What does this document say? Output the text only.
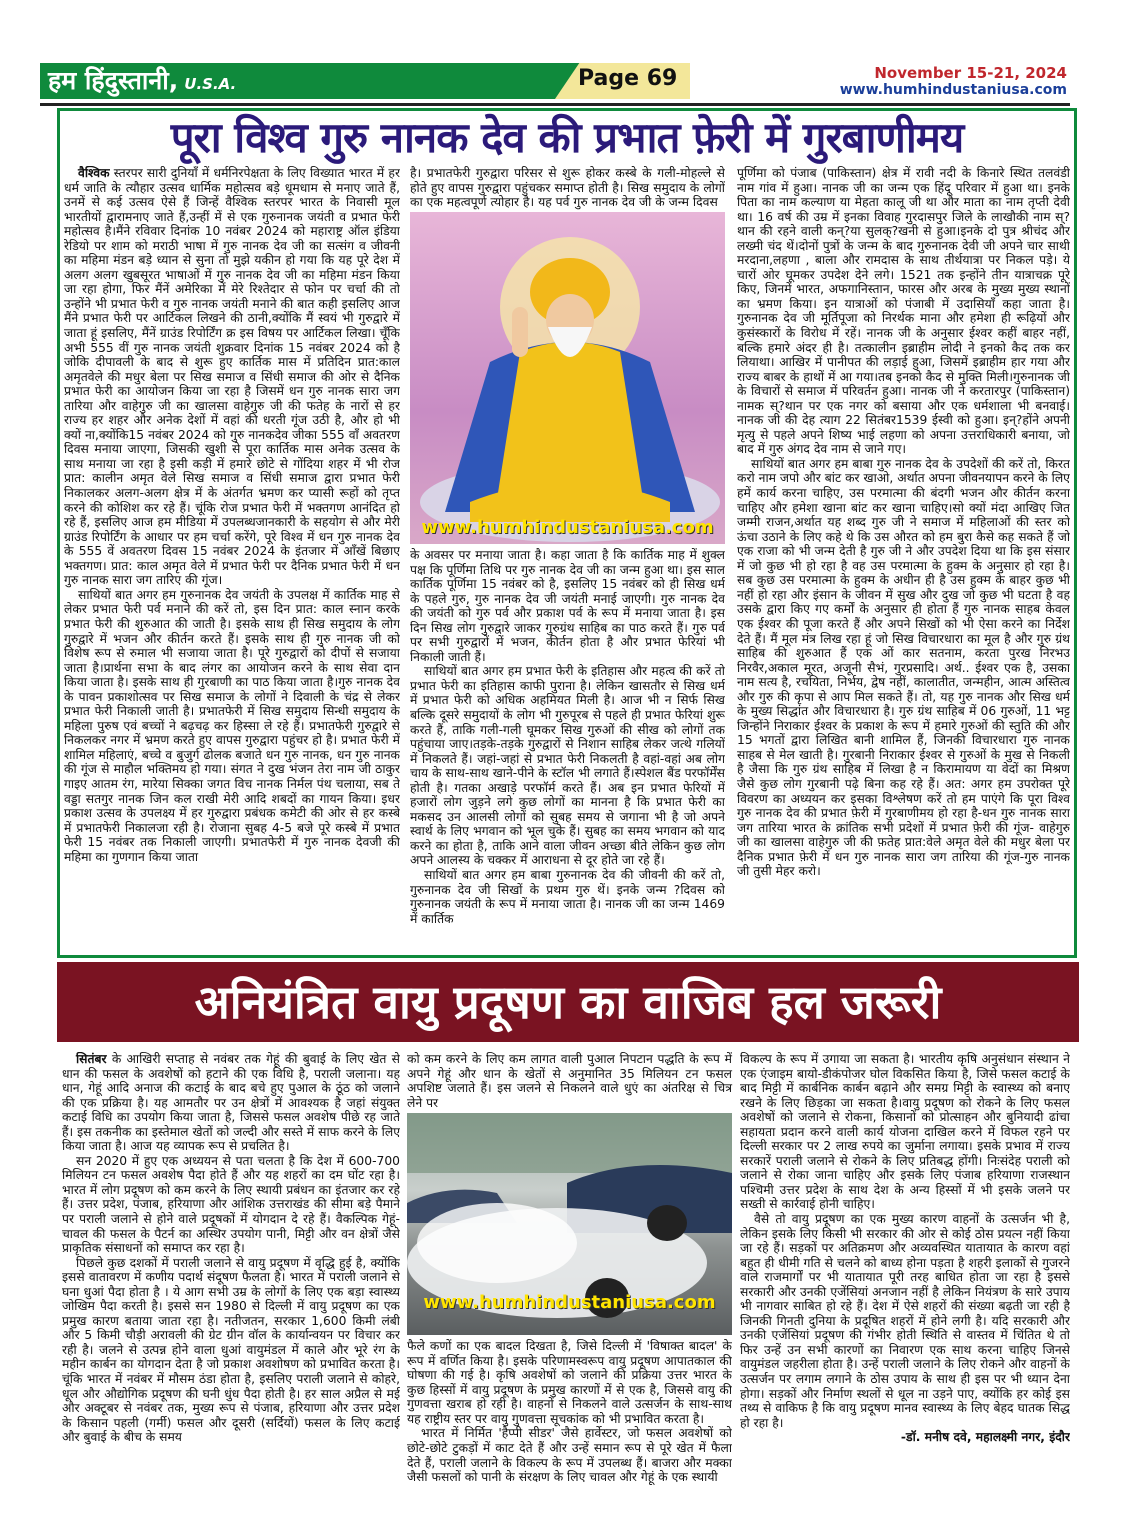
हम हिंदुस्तानी, U.S.A.	Page 69	November 15-21, 2024
www.humhindustaniusa.com
पूरा विश्व गुरु नानक देव की प्रभात फ़ेरी में गुरबाणीमय

वैश्विक स्तरपर सारी दुनियाँ में धर्मनिरपेक्षता के लिए विख्यात भारत में हर धर्म जाति के त्यौहार उत्सव धार्मिक महोत्सव बड़े धूमधाम से मनाए जाते हैं, उनमें से कई उत्सव ऐसे हैं जिन्हें वैश्विक स्तरपर भारत के निवासी मूल भारतीयों द्वारामनाए जाते हैं,उन्हीं में से एक गुरुनानक जयंती व प्रभात फेरी महोत्सव है।मैंने रविवार दिनांक 10 नवंबर 2024 को महाराष्ट्र ऑल इंडिया रेडियो पर शाम को मराठी भाषा में गुरु नानक देव जी का सत्संग व जीवनी का महिमा मंडन बड़े ध्यान से सुना तो मुझे यकीन हो गया कि यह पूरे देश में अलग अलग खुबसूरत भाषाओं में गुरु नानक देव जी का महिमा मंडन किया जा रहा होगा, फिर मैंनें अमेरिका में मेरे रिश्तेदार से फोन पर चर्चा की तो उन्होंने भी प्रभात फेरी व गुरु नानक जयंती मनाने की बात कही इसलिए आज मैंने प्रभात फेरी पर आर्टिकल लिखने की ठानी,क्योंकि मैं स्वयं भी गुरुद्वारे में जाता हूं इसलिए, मैंनें ग्राउंड रिपोर्टिंग क्र इस विषय पर आर्टिकल लिखा। चूँकि अभी 555 वीं गुरु नानक जयंती शुक्रवार दिनांक 15 नवंबर 2024 को है जोकि दीपावली के बाद से शुरू हुए कार्तिक मास में प्रतिदिन प्रात:काल अमृतवेले की मधुर बेला पर सिख समाज व सिंधी समाज की ओर से दैनिक प्रभात फेरी का आयोजन किया जा रहा है जिसमें धन गुरु नानक सारा जग तारिया और वाहेगुरु जी का खालसा वाहेगुरु जी की फतेह के नारों से हर राज्य हर शहर और अनेक देशों में वहां की धरती गूंज उठी है, और हो भी क्यों ना,क्योंकि15 नवंबर 2024 को गुरु नानकदेव जीका 555 वाँ अवतरण दिवस मनाया जाएगा, जिसकी खुशी से पूरा कार्तिक मास अनेक उत्सव के साथ मनाया जा रहा है इसी कड़ी में हमारे छोटे से गोंदिया शहर में भी रोज प्रात: कालीन अमृत वेले सिख समाज व सिंधी समाज द्वारा प्रभात फेरी निकालकर अलग-अलग क्षेत्र में के अंतर्गत भ्रमण कर प्यासी रूहों को तृप्त करने की कोशिश कर रहे हैं। चूंकि रोज प्रभात फेरी में भक्तगण आनंदित हो रहे हैं, इसलिए आज हम मीडिया में उपलब्धजानकारी के सहयोग से और मेरी ग्राउंड रिपोर्टिंग के आधार पर हम चर्चा करेंगे, पूरे विश्व में धन गुरु नानक देव के 555 वें अवतरण दिवस 15 नवंबर 2024 के इंतजार में आँखें बिछाए भक्तगण। प्रात: काल अमृत वेले में प्रभात फेरी पर दैनिक प्रभात फेरी में धन गुरु नानक सारा जग तारिए की गूंज।

साथियों बात अगर हम गुरुनानक देव जयंती के उपलक्ष में कार्तिक माह से लेकर प्रभात फेरी पर्व मनाने की करें तो, इस दिन प्रात: काल स्नान करके प्रभात फेरी की शुरुआत की जाती है। इसके साथ ही सिख समुदाय के लोग गुरुद्वारे में भजन और कीर्तन करते हैं। इसके साथ ही गुरु नानक जी को विशेष रूप से रुमाल भी सजाया जाता है। पूरे गुरुद्वारों को दीपों से सजाया जाता है।प्रार्थना सभा के बाद लंगर का आयोजन करने के साथ सेवा दान किया जाता है। इसके साथ ही गुरबाणी का पाठ किया जाता है।गुरु नानक देव के पावन प्रकाशोत्सव पर सिख समाज के लोगों ने दिवाली के चंद्र से लेकर प्रभात फेरी निकाली जाती है। प्रभातफेरी में सिख समुदाय सिन्धी समुदाय के महिला पुरुष एवं बच्चों ने बढ़चढ़ कर हिस्सा ले रहे हैं। प्रभातफेरी गुरुद्वारे से निकलकर नगर में भ्रमण करते हुए वापस गुरुद्वारा पहुंचर हो है। प्रभात फेरी में शामिल महिलाएं, बच्चे व बुजुर्ग ढोलक बजाते धन गुरु नानक, धन गुरु नानक की गूंज से माहौल भक्तिमय हो गया। संगत ने दुख भंजन तेरा नाम जी ठाकुर गाइए आतम रंग, मारेया सिक्का जगत विच नानक निर्मल पंथ चलाया, सब ते वड्डा सतगुर नानक जिन कल राखी मेरी आदि शबदों का गायन किया। इधर प्रकाश उत्सव के उपलक्ष्य में हर गुरुद्वारा प्रबंधक कमेटी की ओर से हर कस्बे में प्रभातफेरी निकालजा रही है। रोजाना सुबह 4-5 बजे पूरे कस्बे में प्रभात फेरी 15 नवंबर तक निकाली जाएगी। प्रभातफेरी में गुरु नानक देवजी की महिमा का गुणगान किया जाता

है। प्रभातफेरी गुरुद्वारा परिसर से शुरू होकर कस्बे के गली-मोहल्ले से होते हुए वापस गुरुद्वारा पहुंचकर समाप्त होती है। सिख समुदाय के लोगों का एक महत्वपूर्ण त्योहार है। यह पर्व गुरु नानक देव जी के जन्म दिवस

www.humhindustaniusa.com

के अवसर पर मनाया जाता है। कहा जाता है कि कार्तिक माह में शुक्ल पक्ष कि पूर्णिमा तिथि पर गुरु नानक देव जी का जन्म हुआ था। इस साल कार्तिक पूर्णिमा 15 नवंबर को है, इसलिए 15 नवंबर को ही सिख धर्म के पहले गुरु, गुरु नानक देव जी जयंती मनाई जाएगी। गुरु नानक देव की जयंती को गुरु पर्व और प्रकाश पर्व के रूप में मनाया जाता है। इस दिन सिख लोग गुरुद्वारे जाकर गुरुग्रंथ साहिब का पाठ करते हैं। गुरु पर्व पर सभी गुरुद्वारों में भजन, कीर्तन होता है और प्रभात फेरियां भी निकाली जाती हैं।

साथियों बात अगर हम प्रभात फेरी के इतिहास और महत्व की करें तो प्रभात फेरी का इतिहास काफी पुराना है। लेकिन खासतौर से सिख धर्म में प्रभात फेरी को अधिक अहमियत मिली है। आज भी न सिर्फ सिख बल्कि दूसरे समुदायों के लोग भी गुरुपूरब से पहले ही प्रभात फेरियां शुरू करते हैं, ताकि गली-गली घूमकर सिख गुरुओं की सीख को लोगों तक पहुंचाया जाए।तड़के-तड़के गुरुद्वारों से निशान साहिब लेकर जत्थे गलियों में निकलते हैं। जहां-जहां से प्रभात फेरी निकलती है वहां-वहां अब लोग चाय के साथ-साथ खाने-पीने के स्टॉल भी लगाते हैं।स्पेशल बैंड परफॉर्मेंस होती है। गतका अखाड़े परफॉर्म करते हैं। अब इन प्रभात फेरियों में हजारों लोग जुड़ने लगे कुछ लोगों का मानना है कि प्रभात फेरी का मकसद उन आलसी लोगों को सुबह समय से जगाना भी है जो अपने स्वार्थ के लिए भगवान को भूल चुके हैं। सुबह का समय भगवान को याद करने का होता है, ताकि आने वाला जीवन अच्छा बीते लेकिन कुछ लोग अपने आलस्य के चक्कर में आराधना से दूर होते जा रहे हैं।

साथियों बात अगर हम बाबा गुरुनानक देव की जीवनी की करें तो, गुरुनानक देव जी सिखों के प्रथम गुरु थें। इनके जन्म ?दिवस को गुरुनानक जयंती के रूप में मनाया जाता है। नानक जी का जन्म 1469 में कार्तिक

पूर्णिमा को पंजाब (पाकिस्तान) क्षेत्र में रावी नदी के किनारे स्थित तलवंडी नाम गांव में हुआ। नानक जी का जन्म एक हिंदू परिवार में हुआ था। इनके पिता का नाम कल्याण या मेहता कालू जी था और माता का नाम तृप्ती देवी था। 16 वर्ष की उम्र में इनका विवाह गुरदासपुर जिले के लाखौकी नाम स्?थान की रहने वाली कन्?या सुलक्?खनी से हुआ।इनके दो पुत्र श्रीचंद और लख्मी चंद थें।दोनों पुत्रों के जन्म के बाद गुरुनानक देवी जी अपने चार साथी मरदाना,लहणा , बाला और रामदास के साथ तीर्थयात्रा पर निकल पड़े। ये चारों ओर घूमकर उपदेश देने लगे। 1521 तक इन्होंने तीन यात्राचक्र पूरे किए, जिनमें भारत, अफगानिस्तान, फारस और अरब के मुख्य मुख्य स्थानों का भ्रमण किया। इन यात्राओं को पंजाबी में उदासियाँ कहा जाता है। गुरुनानक देव जी मूर्तिपूजा को निरर्थक माना और हमेशा ही रूढ़ियों और कुसंस्कारों के विरोध में रहें। नानक जी के अनुसार ईश्वर कहीं बाहर नहीं, बल्कि हमारे अंदर ही है। तत्कालीन इब्राहीम लोदी ने इनको कैद तक कर लियाथा। आखिर में पानीपत की लड़ाई हुआ, जिसमें इब्राहीम हार गया और राज्य बाबर के हाथों में आ गया।तब इनको कैद से मुक्ति मिली।गुरुनानक जी के विचारों से समाज में परिवर्तन हुआ। नानक जी ने करतारपुर (पाकिस्तान) नामक स्?थान पर एक नगर को बसाया और एक धर्मशाला भी बनवाई। नानक जी की देह त्याग 22 सितंबर1539 ईस्वी को हुआ। इन्?होंने अपनी मृत्यु से पहले अपने शिष्य भाई लहणा को अपना उत्तराधिकारी बनाया, जो बाद में गुरु अंगद देव नाम से जाने गए।

साथियों बात अगर हम बाबा गुरु नानक देव के उपदेशों की करें तो, किरत करो नाम जपो और बांट कर खाओ, अर्थात अपना जीवनयापन करने के लिए हमें कार्य करना चाहिए, उस परमात्मा की बंदगी भजन और कीर्तन करना चाहिए और हमेशा खाना बांट कर खाना चाहिए।सो क्यों मंदा आखिए जित जम्मी राजन,अर्थात यह शब्द गुरु जी ने समाज में महिलाओं की स्तर को ऊंचा उठाने के लिए कहे थे कि उस औरत को हम बुरा कैसे कह सकते हैं जो एक राजा को भी जन्म देती है गुरु जी ने और उपदेश दिया था कि इस संसार में जो कुछ भी हो रहा है वह उस परमात्मा के हुक्म के अनुसार हो रहा है। सब कुछ उस परमात्मा के हुक्म के अधीन ही है उस हुक्म के बाहर कुछ भी नहीं हो रहा और इंसान के जीवन में सुख और दुख जो कुछ भी घटता है वह उसके द्वारा किए गए कर्मों के अनुसार ही होता हैं गुरु नानक साहब केवल एक ईश्वर की पूजा करते हैं और अपने सिखों को भी ऐसा करने का निर्देश देते हैं। मैं मूल मंत्र लिख रहा हूं जो सिख विचारधारा का मूल है और गुरु ग्रंथ साहिब की शुरुआत हैं एक ओं कार सतनाम, करता पुरख निरभउ निरवैर,अकाल मूरत, अजूनी सैभं, गुरप्रसादि। अर्थ.. ईश्वर एक है, उसका नाम सत्य है, रचयिता, निर्भय, द्वेष नहीं, कालातीत, जन्महीन, आत्म अस्तित्व और गुरु की कृपा से आप मिल सकते हैं। तो, यह गुरु नानक और सिख धर्म के मुख्य सिद्धांत और विचारधारा है। गुरु ग्रंथ साहिब में 06 गुरुओं, 11 भट्ट जिन्होंने निराकार ईश्वर के प्रकाश के रूप में हमारे गुरुओं की स्तुति की और 15 भगतों द्वारा लिखित बानी शामिल हैं, जिनकी विचारधारा गुरु नानक साहब से मेल खाती है। गुरबानी निराकार ईश्वर से गुरुओं के मुख से निकली है जैसा कि गुरु ग्रंथ साहिब में लिखा है न किरामायण या वेदों का मिश्रण जैसे कुछ लोग गुरबानी पढ़े बिना कह रहे हैं। अत: अगर हम उपरोक्त पूरे विवरण का अध्ययन कर इसका विश्लेषण करें तो हम पाएंगे कि पूरा विश्व गुरु नानक देव की प्रभात फ़ेरी में गुरबाणीमय हो रहा है-धन गुरु नानक सारा जग तारिया भारत के क्रांतिक सभी प्रदेशों में प्रभात फ़ेरी की गूंज- वाहेगुरु जी का खालसा वाहेगुरु जी की फ़तेह प्रात:वेले अमृत वेले की मधुर बेला पर दैनिक प्रभात फ़ेरी में धन गुरु नानक सारा जग तारिया की गूंज-गुरु नानक जी तुसी मेहर करो।

अनियंत्रित वायु प्रदूषण का वाजिब हल जरूरी

सितंबर के आखिरी सप्ताह से नवंबर तक गेहूं की बुवाई के लिए खेत से धान की फसल के अवशेषों को हटाने की एक विधि है, पराली जलाना। यह धान, गेहूं आदि अनाज की कटाई के बाद बचे हुए पुआल के ठूंठ को जलाने की एक प्रक्रिया है। यह आमतौर पर उन क्षेत्रों में आवश्यक है जहां संयुक्त कटाई विधि का उपयोग किया जाता है, जिससे फसल अवशेष पीछे रह जाते हैं। इस तकनीक का इस्तेमाल खेतों को जल्दी और सस्ते में साफ करने के लिए किया जाता है। आज यह व्यापक रूप से प्रचलित है।

सन 2020 में हुए एक अध्ययन से पता चलता है कि देश में 600-700 मिलियन टन फसल अवशेष पैदा होते हैं और यह शहरों का दम घोंट रहा है। भारत में लोग प्रदूषण को कम करने के लिए स्थायी प्रबंधन का इंतजार कर रहे हैं। उत्तर प्रदेश, पंजाब, हरियाणा और आंशिक उत्तराखंड की सीमा बड़े पैमाने पर पराली जलाने से होने वाले प्रदूषकों में योगदान दे रहे हैं। वैकल्पिक गेहूं-चावल की फसल के पैटर्न का अस्थिर उपयोग पानी, मिट्टी और वन क्षेत्रों जैसे प्राकृतिक संसाधनों को समाप्त कर रहा है।

पिछले कुछ दशकों में पराली जलाने से वायु प्रदूषण में वृद्धि हुई है, क्योंकि इससे वातावरण में कणीय पदार्थ संदूषण फैलता है। भारत में पराली जलाने से घना धुआं पैदा होता है । ये आग सभी उम्र के लोगों के लिए एक बड़ा स्वास्थ्य जोखिम पैदा करती है। इससे सन 1980 से दिल्ली में वायु प्रदूषण का एक प्रमुख कारण बताया जाता रहा है। नतीजतन, सरकार 1,600 किमी लंबी और 5 किमी चौड़ी अरावली की ग्रेट ग्रीन वॉल के कार्यान्वयन पर विचार कर रही है। जलने से उत्पन्न होने वाला धुआं वायुमंडल में काले और भूरे रंग के महीन कार्बन का योगदान देता है जो प्रकाश अवशोषण को प्रभावित करता है। चूंकि भारत में नवंबर में मौसम ठंडा होता है, इसलिए पराली जलाने से कोहरे, धूल और औद्योगिक प्रदूषण की घनी धुंध पैदा होती है। हर साल अप्रैल से मई और अक्टूबर से नवंबर तक, मुख्य रूप से पंजाब, हरियाणा और उत्तर प्रदेश के किसान पहली (गर्मी) फसल और दूसरी (सर्दियों) फसल के लिए कटाई और बुवाई के बीच के समय

को कम करने के लिए कम लागत वाली पुआल निपटान पद्धति के रूप में अपने गेहूं और धान के खेतों से अनुमानित 35 मिलियन टन फसल अपशिष्ट जलाते हैं। इस जलने से निकलने वाले धुएं का अंतरिक्ष से चित्र लेने पर

www.humhindustaniusa.com

फैले कणों का एक बादल दिखता है, जिसे दिल्ली में 'विषाक्त बादल' के रूप में वर्णित किया है। इसके परिणामस्वरूप वायु प्रदूषण आपातकाल की घोषणा की गई है। कृषि अवशेषों को जलाने की प्रक्रिया उत्तर भारत के कुछ हिस्सों में वायु प्रदूषण के प्रमुख कारणों में से एक है, जिससे वायु की गुणवत्ता खराब हो रही है। वाहनों से निकलने वाले उत्सर्जन के साथ-साथ यह राष्ट्रीय स्तर पर वायु गुणवत्ता सूचकांक को भी प्रभावित करता है।

भारत में निर्मित 'हैप्पी सीडर' जैसे हार्वेस्टर, जो फसल अवशेषों को छोटे-छोटे टुकड़ों में काट देते हैं और उन्हें समान रूप से पूरे खेत में फैला देते हैं, पराली जलाने के विकल्प के रूप में उपलब्ध हैं। बाजरा और मक्का जैसी फसलों को पानी के संरक्षण के लिए चावल और गेहूं के एक स्थायी

विकल्प के रूप में उगाया जा सकता है। भारतीय कृषि अनुसंधान संस्थान ने एक एंजाइम बायो-डीकंपोजर घोल विकसित किया है, जिसे फसल कटाई के बाद मिट्टी में कार्बनिक कार्बन बढ़ाने और समग्र मिट्टी के स्वास्थ्य को बनाए रखने के लिए छिड़का जा सकता है।वायु प्रदूषण को रोकने के लिए फसल अवशेषों को जलाने से रोकना, किसानों को प्रोत्साहन और बुनियादी ढांचा सहायता प्रदान करने वाली कार्य योजना दाखिल करने में विफल रहने पर दिल्ली सरकार पर 2 लाख रुपये का जुर्माना लगाया। इसके प्रभाव में राज्य सरकारें पराली जलाने से रोकने के लिए प्रतिबद्ध होंगी। निःसंदेह पराली को जलाने से रोका जाना चाहिए और इसके लिए पंजाब हरियाणा राजस्थान पश्चिमी उत्तर प्रदेश के साथ देश के अन्य हिस्सों में भी इसके जलने पर सख्ती से कार्रवाई होनी चाहिए।

वैसे तो वायु प्रदूषण का एक मुख्य कारण वाहनों के उत्सर्जन भी है, लेकिन इसके लिए किसी भी सरकार की ओर से कोई ठोस प्रयत्न नहीं किया जा रहे हैं। सड़कों पर अतिक्रमण और अव्यवस्थित यातायात के कारण वहां बहुत ही धीमी गति से चलने को बाध्य होना पड़ता है शहरी इलाकों से गुजरने वाले राजमार्गों पर भी यातायात पूरी तरह बाधित होता जा रहा है इससे सरकारी और उनकी एजेंसियां अनजान नहीं है लेकिन नियंत्रण के सारे उपाय भी नागवार साबित हो रहे हैं। देश में ऐसे शहरों की संख्या बढ़ती जा रही है जिनकी गिनती दुनिया के प्रदूषित शहरों में होने लगी है। यदि सरकारी और उनकी एजेंसियां प्रदूषण की गंभीर होती स्थिति से वास्तव में चिंतित थे तो फिर उन्हें उन सभी कारणों का निवारण एक साथ करना चाहिए जिनसे वायुमंडल जहरीला होता है। उन्हें पराली जलाने के लिए रोकने और वाहनों के उत्सर्जन पर लगाम लगाने के ठोस उपाय के साथ ही इस पर भी ध्यान देना होगा। सड़कों और निर्माण स्थलों से धूल ना उड़ने पाए, क्योंकि हर कोई इस तथ्य से वाकिफ है कि वायु प्रदूषण मानव स्वास्थ्य के लिए बेहद घातक सिद्ध हो रहा है।

-डॉ. मनीष दवे, महालक्ष्मी नगर, इंदौर
